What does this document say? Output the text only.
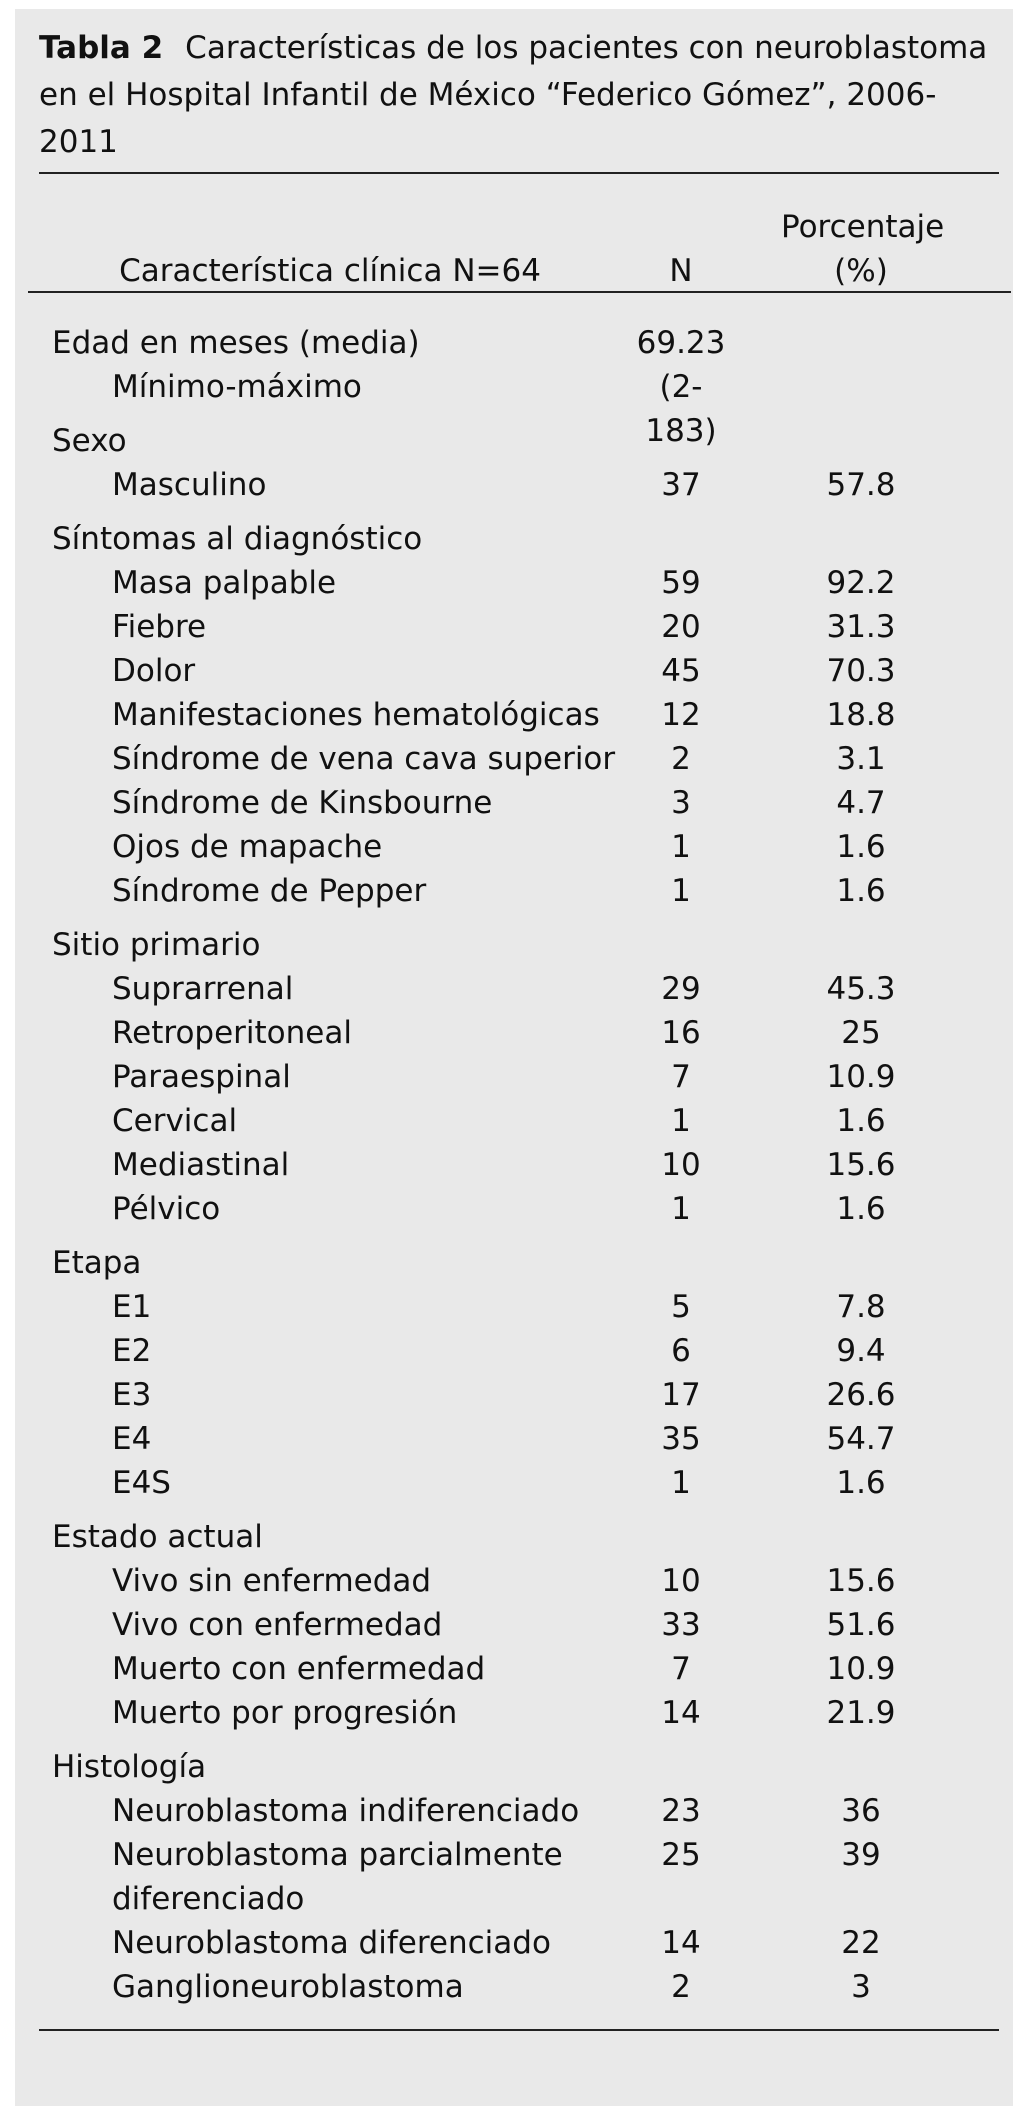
Tabla 2 Características de los pacientes con neuroblastoma en el Hospital Infantil de México “Federico Gómez”, 2006-2011
Característica clínica N=64	N
Porcentaje
(%)
Edad en meses (media)	69.23
Mínimo-máximo	(2-183)
Sexo
Masculino	37	57.8
Síntomas al diagnóstico
Masa palpable	59	92.2
Fiebre	20	31.3
Dolor	45	70.3
Manifestaciones hematológicas	12	18.8
Síndrome de vena cava superior	2	3.1
Síndrome de Kinsbourne	3	4.7
Ojos de mapache	1	1.6
Síndrome de Pepper	1	1.6
Sitio primario
Suprarrenal	29	45.3
Retroperitoneal	16	25
Paraespinal	7	10.9
Cervical	1	1.6
Mediastinal	10	15.6
Pélvico	1	1.6
Etapa
E1	5	7.8
E2	6	9.4
E3	17	26.6
E4	35	54.7
E4S	1	1.6
Estado actual
Vivo sin enfermedad	10	15.6
Vivo con enfermedad	33	51.6
Muerto con enfermedad	7	10.9
Muerto por progresión	14	21.9
Histología
Neuroblastoma indiferenciado	23	36
Neuroblastoma parcialmente	25	39
diferenciado
Neuroblastoma diferenciado	14	22
Ganglioneuroblastoma	2	3
